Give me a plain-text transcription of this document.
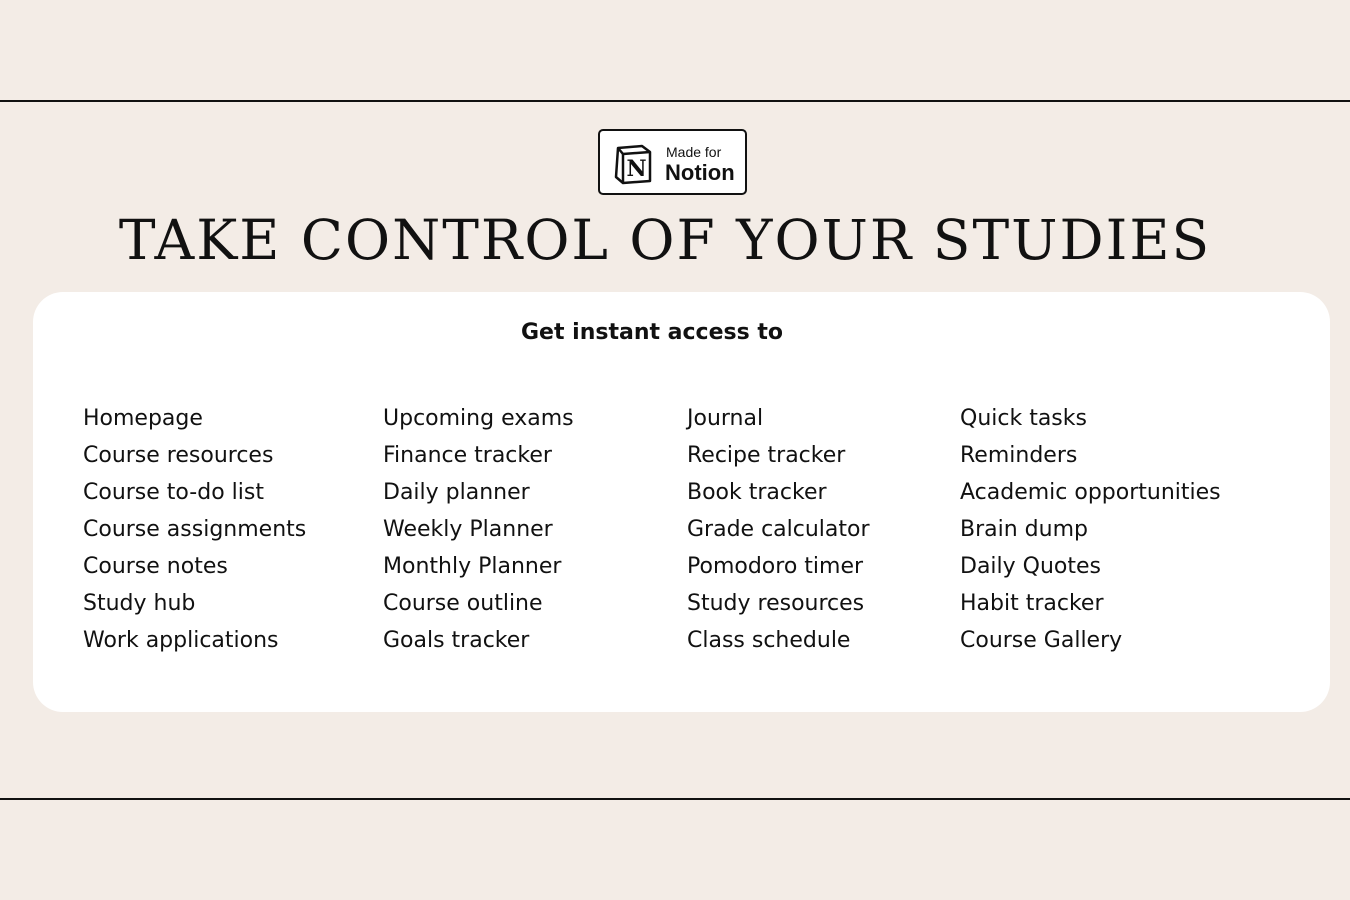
N
Made for
Notion
TAKE CONTROL OF YOUR STUDIES
Get instant access to
Homepage
Course resources
Course to-do list
Course assignments
Course notes
Study hub
Work applications
Upcoming exams
Finance tracker
Daily planner
Weekly Planner
Monthly Planner
Course outline
Goals tracker
Journal
Recipe tracker
Book tracker
Grade calculator
Pomodoro timer
Study resources
Class schedule
Quick tasks
Reminders
Academic opportunities
Brain dump
Daily Quotes
Habit tracker
Course Gallery
